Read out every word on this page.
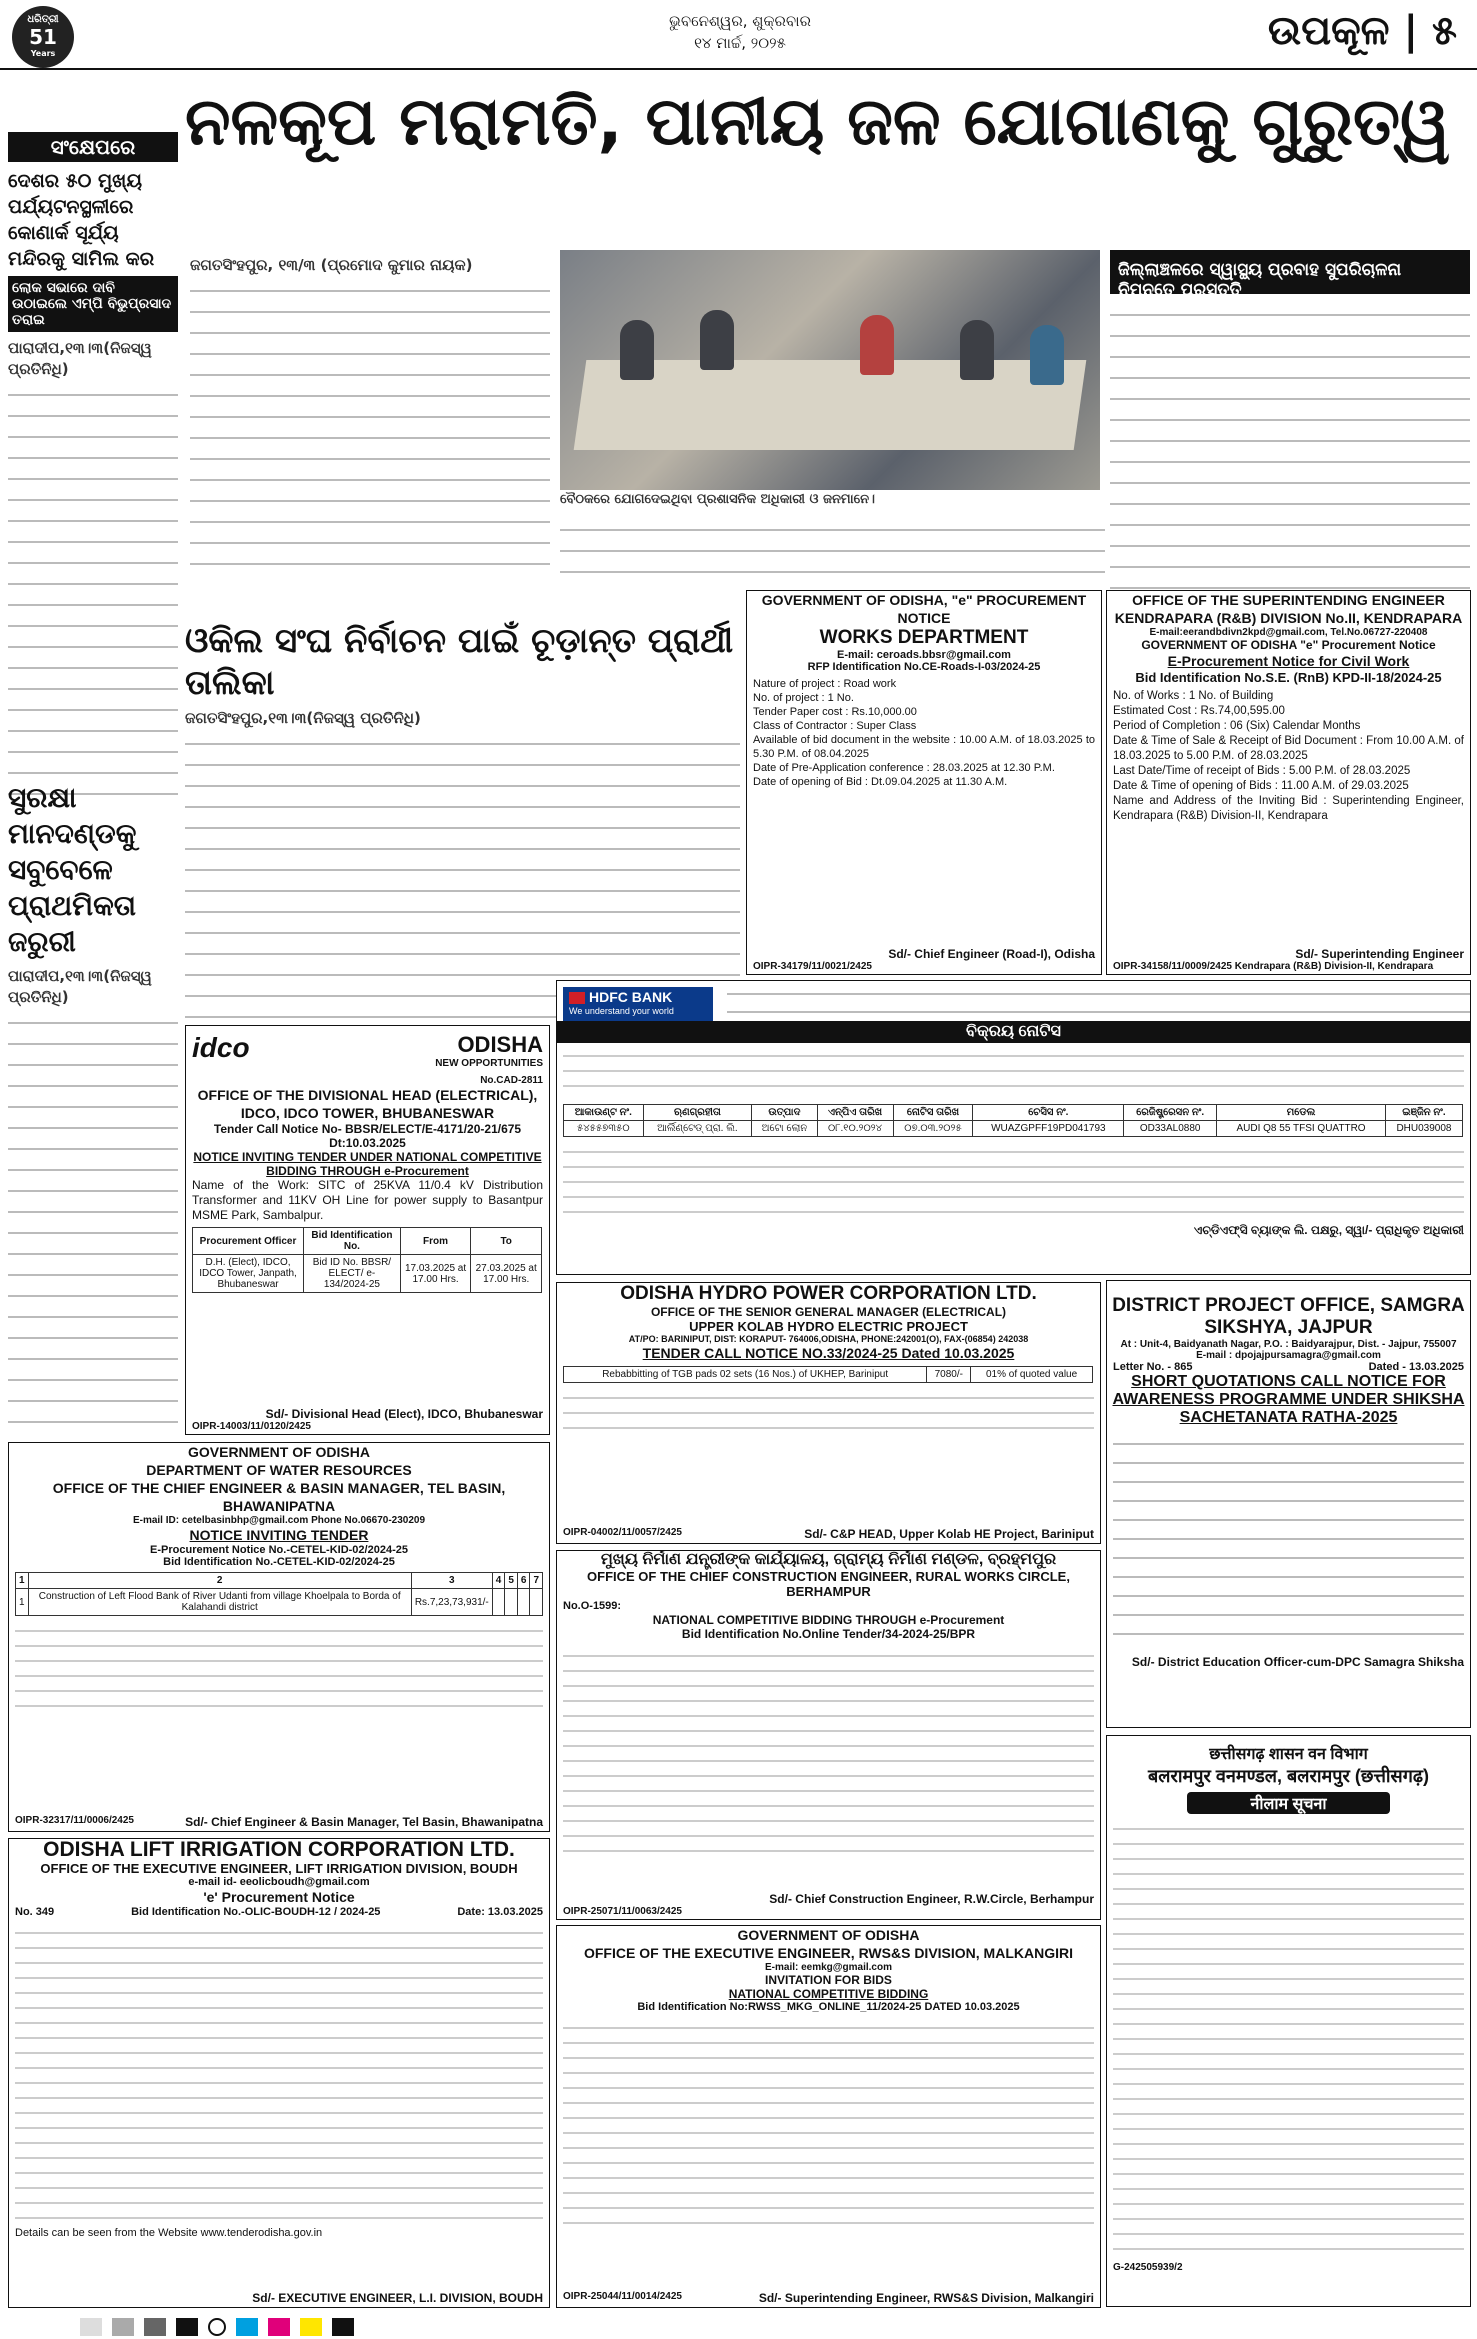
ଧରିତ୍ରୀ
51
Years
ଭୁବନେଶ୍ୱର, ଶୁକ୍ରବାର
୧୪ ମାର୍ଚ୍ଚ, ୨୦୨୫	ଉପକୂଳ | ୫
ସଂକ୍ଷେପରେ ନଳକୂପ ମରାମତି, ପାନୀୟ ଜଳ ଯୋଗାଣକୁ ଗୁରୁତ୍ୱ
ଦେଶର ୫୦ ମୁଖ୍ୟ ପର୍ଯ୍ୟଟନସ୍ଥଳୀରେ କୋଣାର୍କ ସୂର୍ଯ୍ୟ ମନ୍ଦିରକୁ ସାମିଲ କର
ଲୋକ ସଭାରେ ଦାବି ଉଠାଇଲେ ଏମ୍‌ପି ବିଭୁପ୍ରସାଦ ତରାଇ
ପାରାଦୀପ,୧୩।୩(ନିଜସ୍ୱ ପ୍ରତିନିଧି)
ସୁରକ୍ଷା ମାନଦଣ୍ଡକୁ ସବୁବେଳେ ପ୍ରାଥମିକତା ଜରୁରୀ
ପାରାଦୀପ,୧୩।୩(ନିଜସ୍ୱ ପ୍ରତିନିଧି)
ଜଗତସିଂହପୁର, ୧୩/୩ (ପ୍ରମୋଦ କୁମାର ନାୟକ)
ବୈଠକରେ ଯୋଗଦେଇଥିବା ପ୍ରଶାସନିକ ଅଧିକାରୀ ଓ ଜନମାନେ।
ଜିଲ୍ଲାଞ୍ଚଳରେ ସ୍ୱାସ୍ଥ୍ୟ ପ୍ରବାହ ସୁପରିଚାଳନା ନିମନ୍ତେ ପ୍ରସ୍ତୁତି
ଓକିଲ ସଂଘ ନିର୍ବାଚନ ପାଇଁ ଚୂଡ଼ାନ୍ତ ପ୍ରାର୍ଥୀ ତାଲିକା
ଜଗତସିଂହପୁର,୧୩।୩(ନିଜସ୍ୱ ପ୍ରତିନିଧି)
GOVERNMENT OF ODISHA, "e" PROCUREMENT NOTICE
WORKS DEPARTMENT
E-mail: ceroads.bbsr@gmail.com
RFP Identification No.CE-Roads-I-03/2024-25
Nature of project : Road work
No. of project : 1 No.
Tender Paper cost : Rs.10,000.00
Class of Contractor : Super Class
Available of bid document in the website : 10.00 A.M. of 18.03.2025 to 5.30 P.M. of 08.04.2025
Date of Pre-Application conference : 28.03.2025 at 12.30 P.M.
Date of opening of Bid : Dt.09.04.2025 at 11.30 A.M.
Sd/- Chief Engineer (Road-I), Odisha
OIPR-34179/11/0021/2425
OFFICE OF THE SUPERINTENDING ENGINEER KENDRAPARA (R&B) DIVISION No.II, KENDRAPARA
E-mail:eerandbdivn2kpd@gmail.com, Tel.No.06727-220408
GOVERNMENT OF ODISHA "e" Procurement Notice
E-Procurement Notice for Civil Work
Bid Identification No.S.E. (RnB) KPD-II-18/2024-25
No. of Works : 1 No. of Building
Estimated Cost : Rs.74,00,595.00
Period of Completion : 06 (Six) Calendar Months
Date & Time of Sale & Receipt of Bid Document : From 10.00 A.M. of 18.03.2025 to 5.00 P.M. of 28.03.2025
Last Date/Time of receipt of Bids : 5.00 P.M. of 28.03.2025
Date & Time of opening of Bids : 11.00 A.M. of 29.03.2025
Name and Address of the Inviting Bid : Superintending Engineer, Kendrapara (R&B) Division-II, Kendrapara
Sd/- Superintending Engineer
OIPR-34158/11/0009/2425 Kendrapara (R&B) Division-II, Kendrapara
HDFC BANK
We understand your world
ବିକ୍ରୟ ନୋଟିସ
ଆକାଉଣ୍ଟ ନଂ.	ଋଣଗ୍ରହୀତା	ଉତ୍ପାଦ	ଏନ୍‌ପିଏ ତାରିଖ	ନୋଟିସ ତାରିଖ	ଚେସିସ ନଂ.	ରେଜିଷ୍ଟ୍ରେସନ ନଂ.	ମଡେଲ	ଇଞ୍ଜିନ ନଂ.
୫୪୫୫୭୩୫୦	ଆର୍ଲିଣ୍ଟେଡ୍ ପ୍ରା. ଲି.	ଅଟୋ ଲୋନ	୦୮.୧୦.୨୦୨୪	୦୭.୦୩.୨୦୨୫	WUAZGPFF19PD041793	OD33AL0880	AUDI Q8 55 TFSI QUATTRO	DHU039008
ଏଚ୍‌ଡିଏଫ୍‌ସି ବ୍ୟାଙ୍କ ଲି. ପକ୍ଷରୁ, ସ୍ୱା/- ପ୍ରାଧିକୃତ ଅଧିକାରୀ
idco	ODISHA
NEW OPPORTUNITIES
No.CAD-2811
OFFICE OF THE DIVISIONAL HEAD (ELECTRICAL), IDCO, IDCO TOWER, BHUBANESWAR
Tender Call Notice No- BBSR/ELECT/E-4171/20-21/675 Dt:10.03.2025
NOTICE INVITING TENDER UNDER NATIONAL COMPETITIVE BIDDING THROUGH e-Procurement
Name of the Work: SITC of 25KVA 11/0.4 kV Distribution Transformer and 11KV OH Line for power supply to Basantpur MSME Park, Sambalpur.
Procurement Officer	Bid Identification No.	From	To
D.H. (Elect), IDCO, IDCO Tower, Janpath, Bhubaneswar	Bid ID No. BBSR/ ELECT/ e-134/2024-25	17.03.2025 at 17.00 Hrs.	27.03.2025 at 17.00 Hrs.
Sd/- Divisional Head (Elect), IDCO, Bhubaneswar
OIPR-14003/11/0120/2425
GOVERNMENT OF ODISHA
DEPARTMENT OF WATER RESOURCES
OFFICE OF THE CHIEF ENGINEER & BASIN MANAGER, TEL BASIN, BHAWANIPATNA
E-mail ID: cetelbasinbhp@gmail.com Phone No.06670-230209
NOTICE INVITING TENDER
E-Procurement Notice No.-CETEL-KID-02/2024-25
Bid Identification No.-CETEL-KID-02/2024-25
1	2	3	4	5	6	7
1	Construction of Left Flood Bank of River Udanti from village Khoelpala to Borda of Kalahandi district	Rs.7,23,73,931/-				
OIPR-32317/11/0006/2425	Sd/- Chief Engineer & Basin Manager, Tel Basin, Bhawanipatna
ODISHA HYDRO POWER CORPORATION LTD.
OFFICE OF THE SENIOR GENERAL MANAGER (ELECTRICAL)
UPPER KOLAB HYDRO ELECTRIC PROJECT
AT/PO: BARINIPUT, DIST: KORAPUT- 764006,ODISHA, PHONE:242001(O), FAX-(06854) 242038
TENDER CALL NOTICE NO.33/2024-25 Dated 10.03.2025
Rebabbitting of TGB pads 02 sets (16 Nos.) of UKHEP, Bariniput	7080/-	01% of quoted value
OIPR-04002/11/0057/2425	Sd/- C&P HEAD, Upper Kolab HE Project, Bariniput
DISTRICT PROJECT OFFICE, SAMGRA SIKSHYA, JAJPUR
At : Unit-4, Baidyanath Nagar, P.O. : Baidyarajpur, Dist. - Jajpur, 755007
E-mail : dpojajpursamagra@gmail.com
Letter No. - 865	Dated - 13.03.2025
SHORT QUOTATIONS CALL NOTICE FOR AWARENESS PROGRAMME UNDER SHIKSHA SACHETANATA RATHA-2025
Sd/- District Education Officer-cum-DPC Samagra Shiksha
ମୁଖ୍ୟ ନିର୍ମାଣ ଯନ୍ତ୍ରୀଙ୍କ କାର୍ଯ୍ୟାଳୟ, ଗ୍ରାମ୍ୟ ନିର୍ମାଣ ମଣ୍ଡଳ, ବ୍ରହ୍ମପୁର
OFFICE OF THE CHIEF CONSTRUCTION ENGINEER, RURAL WORKS CIRCLE, BERHAMPUR
No.O-1599:
NATIONAL COMPETITIVE BIDDING THROUGH e-Procurement
Bid Identification No.Online Tender/34-2024-25/BPR
Sd/- Chief Construction Engineer, R.W.Circle, Berhampur
OIPR-25071/11/0063/2425
छत्तीसगढ़ शासन वन विभाग
बलरामपुर वनमण्डल, बलरामपुर (छत्तीसगढ़)
नीलाम सूचना
G-242505939/2
ODISHA LIFT IRRIGATION CORPORATION LTD.
OFFICE OF THE EXECUTIVE ENGINEER, LIFT IRRIGATION DIVISION, BOUDH
e-mail id- eeolicboudh@gmail.com
'e' Procurement Notice
No. 349	Bid Identification No.-OLIC-BOUDH-12 / 2024-25	Date: 13.03.2025
Details can be seen from the Website www.tenderodisha.gov.in
Sd/- EXECUTIVE ENGINEER, L.I. DIVISION, BOUDH
GOVERNMENT OF ODISHA
OFFICE OF THE EXECUTIVE ENGINEER, RWS&S DIVISION, MALKANGIRI
E-mail: eemkg@gmail.com
INVITATION FOR BIDS
NATIONAL COMPETITIVE BIDDING
Bid Identification No:RWSS_MKG_ONLINE_11/2024-25 DATED 10.03.2025
OIPR-25044/11/0014/2425	Sd/- Superintending Engineer, RWS&S Division, Malkangiri
